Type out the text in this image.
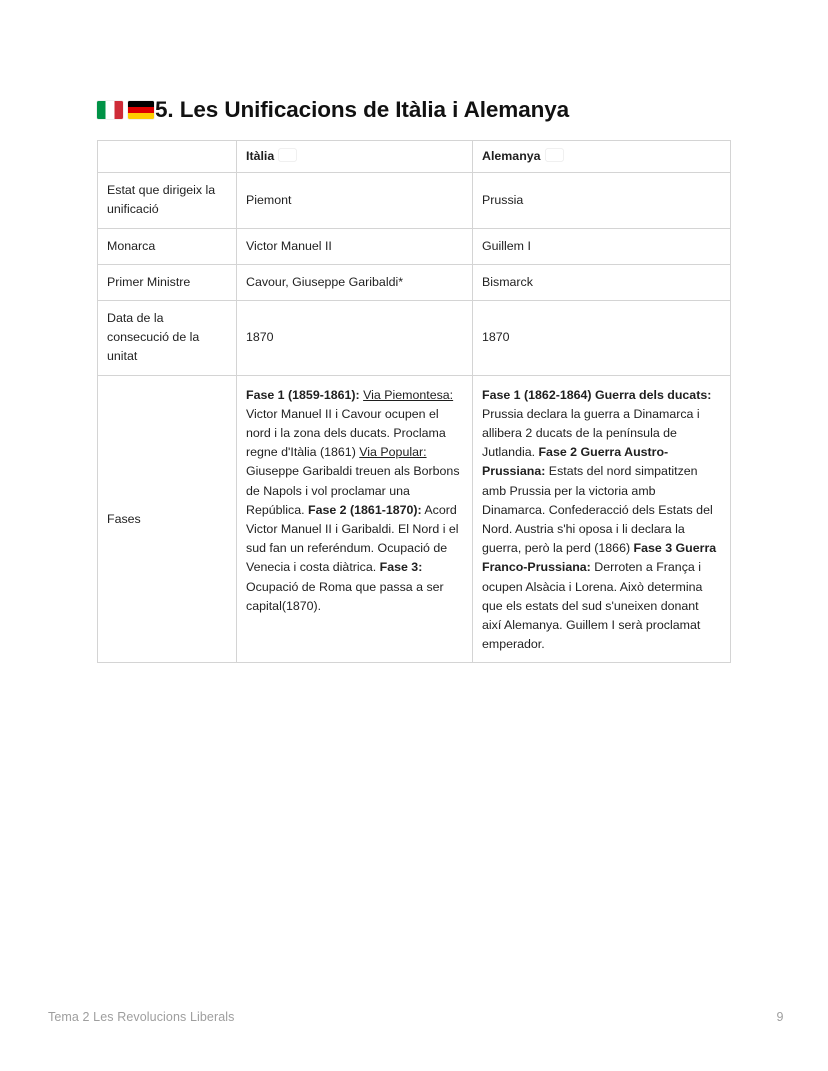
5. Les Unificacions de Itàlia i Alemanya
	Itàlia	Alemanya
Estat que dirigeix la unificació	Piemont	Prussia
Monarca	Victor Manuel II	Guillem I
Primer Ministre	Cavour, Giuseppe Garibaldi*	Bismarck
Data de la consecució de la unitat	1870	1870
Fases	Fase 1 (1859-1861): Via Piemontesa: Victor Manuel II i Cavour ocupen el nord i la zona dels ducats. Proclama regne d'Itàlia (1861) Via Popular: Giuseppe Garibaldi treuen als Borbons de Napols i vol proclamar una República. Fase 2 (1861-1870): Acord Victor Manuel II i Garibaldi. El Nord i el sud fan un referéndum. Ocupació de Venecia i costa diàtrica. Fase 3: Ocupació de Roma que passa a ser capital(1870).	Fase 1 (1862-1864) Guerra dels ducats: Prussia declara la guerra a Dinamarca i allibera 2 ducats de la península de Jutlandia. Fase 2 Guerra Austro-Prussiana: Estats del nord simpatitzen amb Prussia per la victoria amb Dinamarca. Confederacció dels Estats del Nord. Austria s'hi oposa i li declara la guerra, però la perd (1866) Fase 3 Guerra Franco-Prussiana: Derroten a França i ocupen Alsàcia i Lorena. Això determina que els estats del sud s'uneixen donant així Alemanya. Guillem I serà proclamat emperador.
Tema 2 Les Revolucions Liberals	9
